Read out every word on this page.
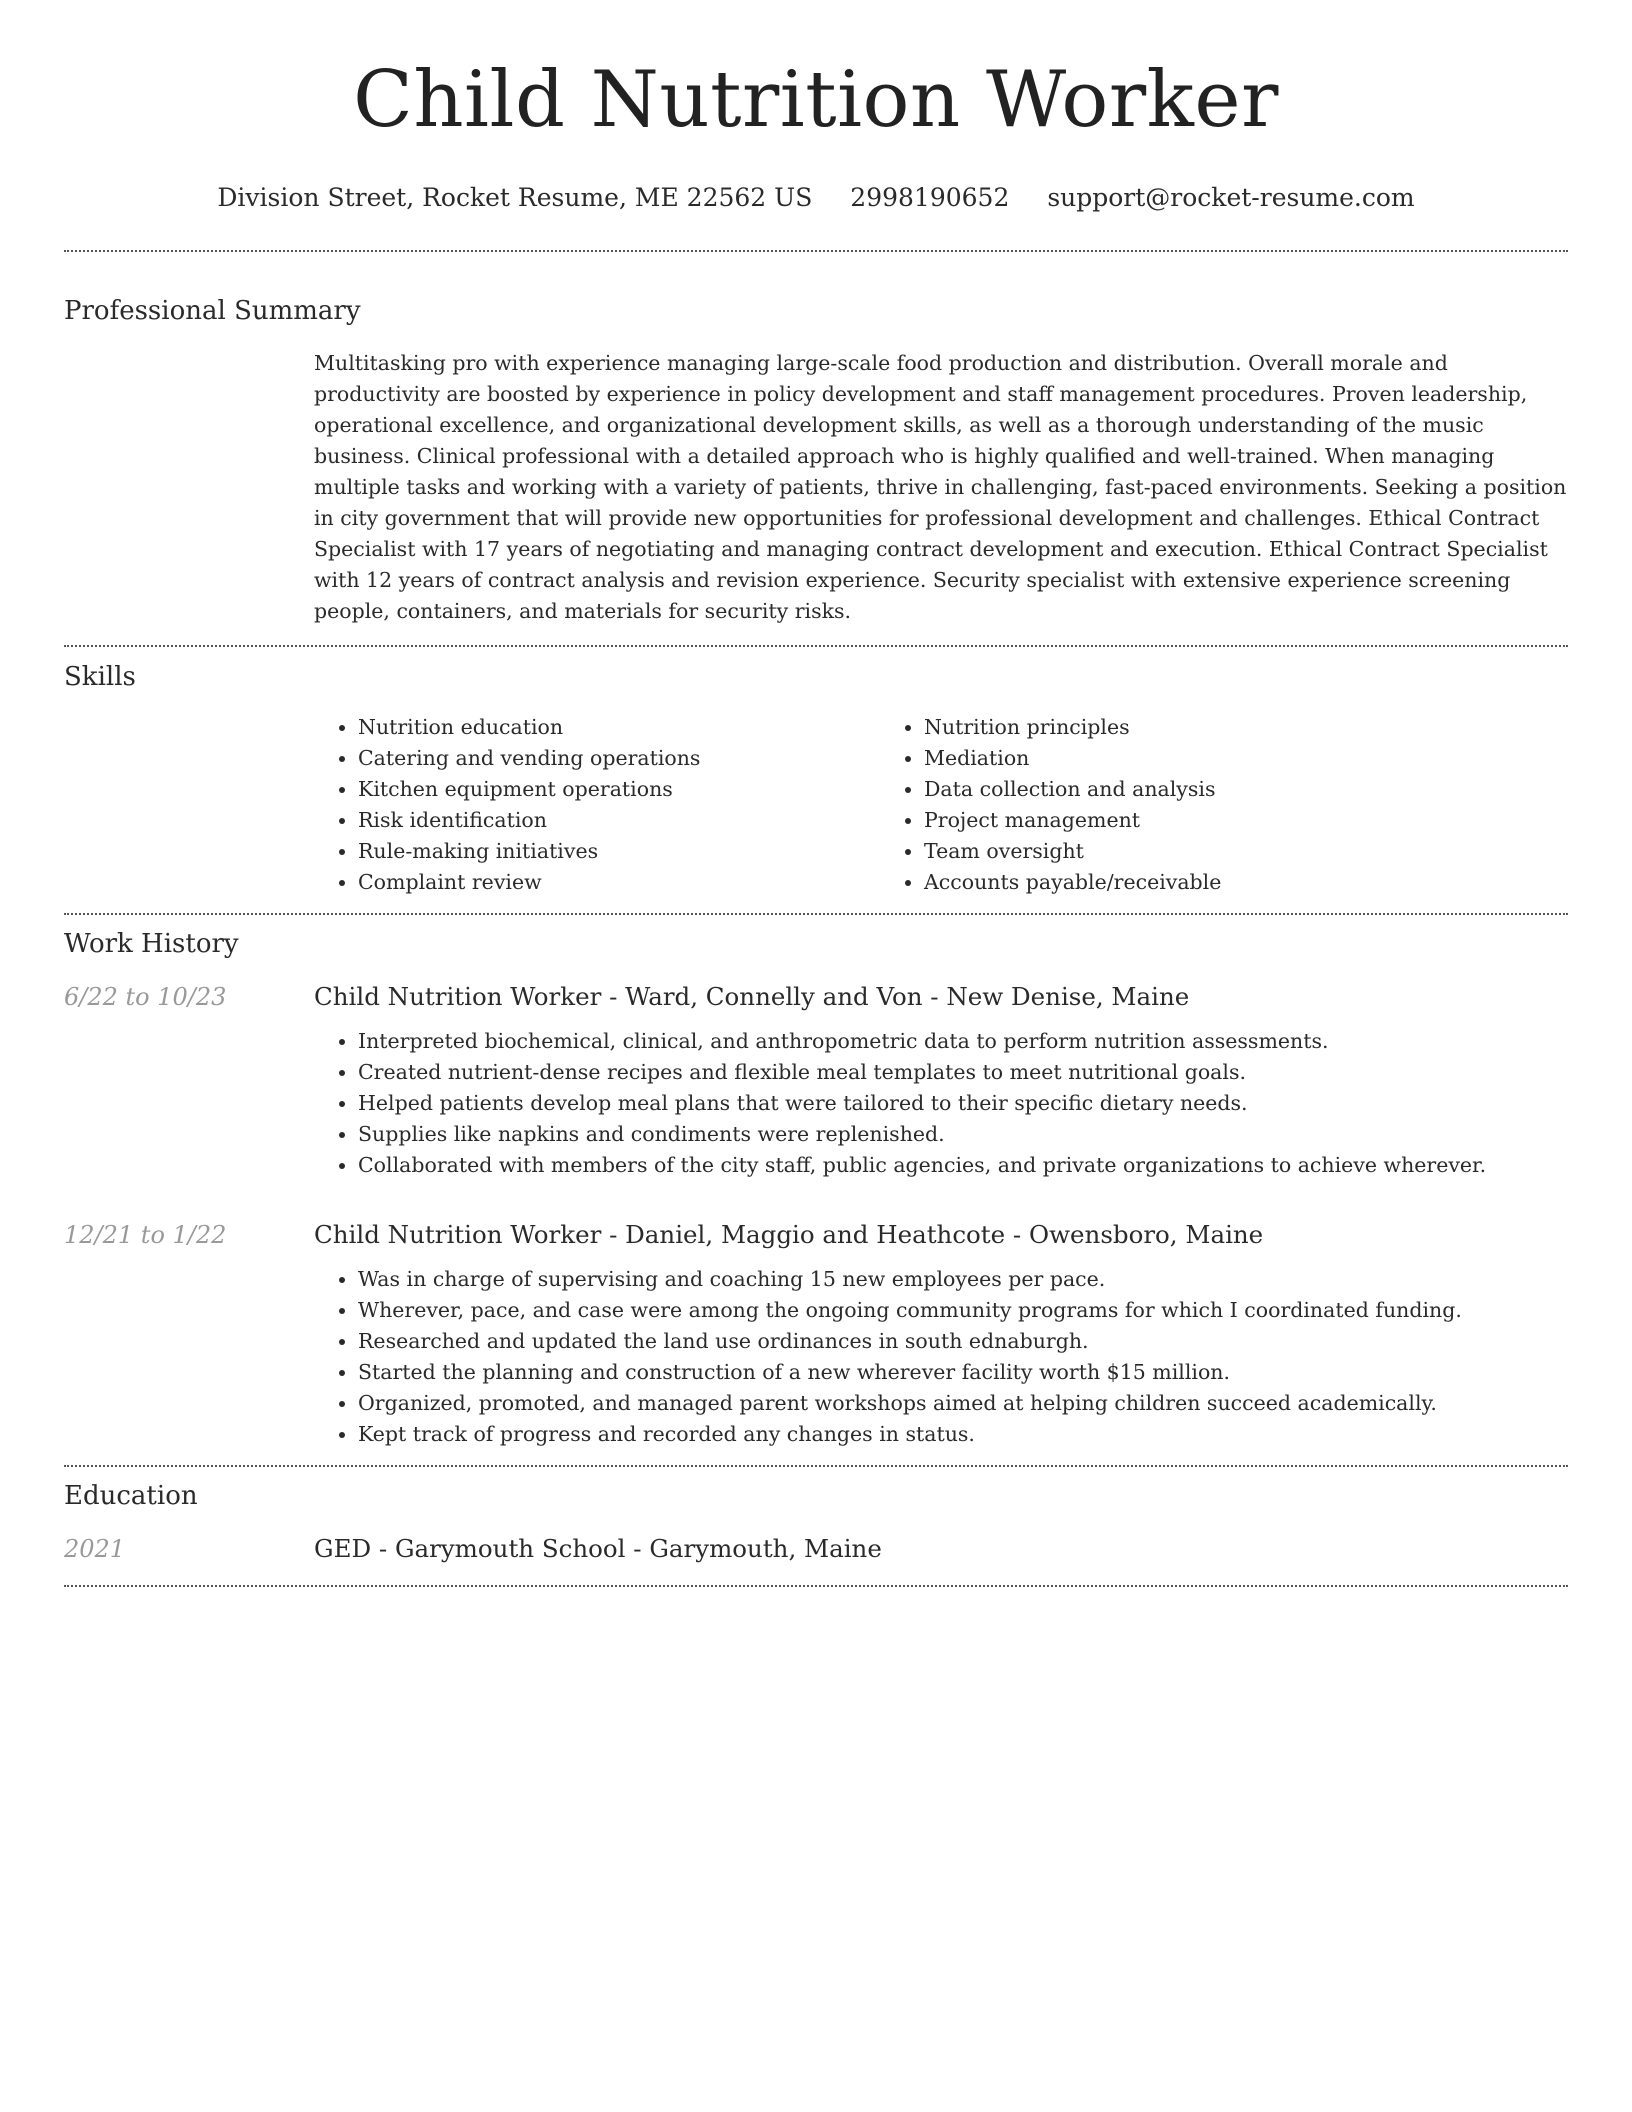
Child Nutrition Worker
Division Street, Rocket Resume, ME 22562 US 2998190652 support@rocket-resume.com
Professional Summary

Multitasking pro with experience managing large-scale food production and distribution. Overall morale and productivity are boosted by experience in policy development and staff management procedures. Proven leadership, operational excellence, and organizational development skills, as well as a thorough understanding of the music business. Clinical professional with a detailed approach who is highly qualified and well-trained. When managing multiple tasks and working with a variety of patients, thrive in challenging, fast-paced environments. Seeking a position in city government that will provide new opportunities for professional development and challenges. Ethical Contract Specialist with 17 years of negotiating and managing contract development and execution. Ethical Contract Specialist with 12 years of contract analysis and revision experience. Security specialist with extensive experience screening people, containers, and materials for security risks.

Skills
• Nutrition education
• Catering and vending operations
• Kitchen equipment operations
• Risk identification
• Rule-making initiatives
• Complaint review
• Nutrition principles
• Mediation
• Data collection and analysis
• Project management
• Team oversight
• Accounts payable/receivable
Work History
6/22 to 10/23	Child Nutrition Worker - Ward, Connelly and Von - New Denise, Maine
• Interpreted biochemical, clinical, and anthropometric data to perform nutrition assessments.
• Created nutrient-dense recipes and flexible meal templates to meet nutritional goals.
• Helped patients develop meal plans that were tailored to their specific dietary needs.
• Supplies like napkins and condiments were replenished.
• Collaborated with members of the city staff, public agencies, and private organizations to achieve wherever.
12/21 to 1/22	Child Nutrition Worker - Daniel, Maggio and Heathcote - Owensboro, Maine
• Was in charge of supervising and coaching 15 new employees per pace.
• Wherever, pace, and case were among the ongoing community programs for which I coordinated funding.
• Researched and updated the land use ordinances in south ednaburgh.
• Started the planning and construction of a new wherever facility worth $15 million.
• Organized, promoted, and managed parent workshops aimed at helping children succeed academically.
• Kept track of progress and recorded any changes in status.
Education
2021	GED - Garymouth School - Garymouth, Maine
